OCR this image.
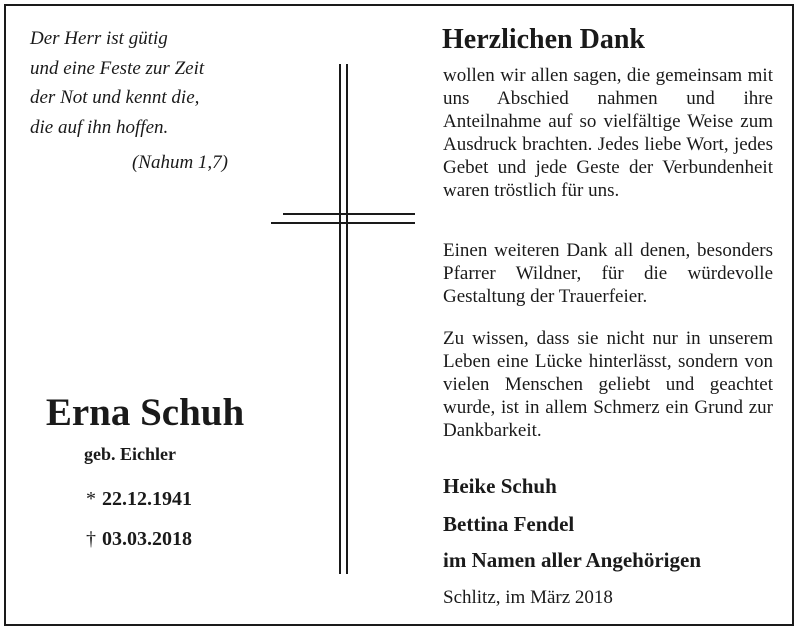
Der Herr ist gütig
und eine Feste zur Zeit
der Not und kennt die,
die auf ihn hoffen.
(Nahum 1,7)
Erna Schuh
geb. Eichler
* 22.12.1941
† 03.03.2018
Herzlichen Dank

wollen wir allen sagen, die gemeinsam mit uns Abschied nahmen und ihre Anteilnahme auf so vielfältige Weise zum Ausdruck brachten. Jedes liebe Wort, jedes Gebet und jede Geste der Verbundenheit waren tröstlich für uns.

Einen weiteren Dank all denen, besonders Pfarrer Wildner, für die würdevolle Gestaltung der Trauerfeier.

Zu wissen, dass sie nicht nur in unserem Leben eine Lücke hinterlässt, sondern von vielen Menschen geliebt und geachtet wurde, ist in allem Schmerz ein Grund zur Dankbarkeit.

Heike Schuh
Bettina Fendel
im Namen aller Angehörigen
Schlitz, im März 2018
